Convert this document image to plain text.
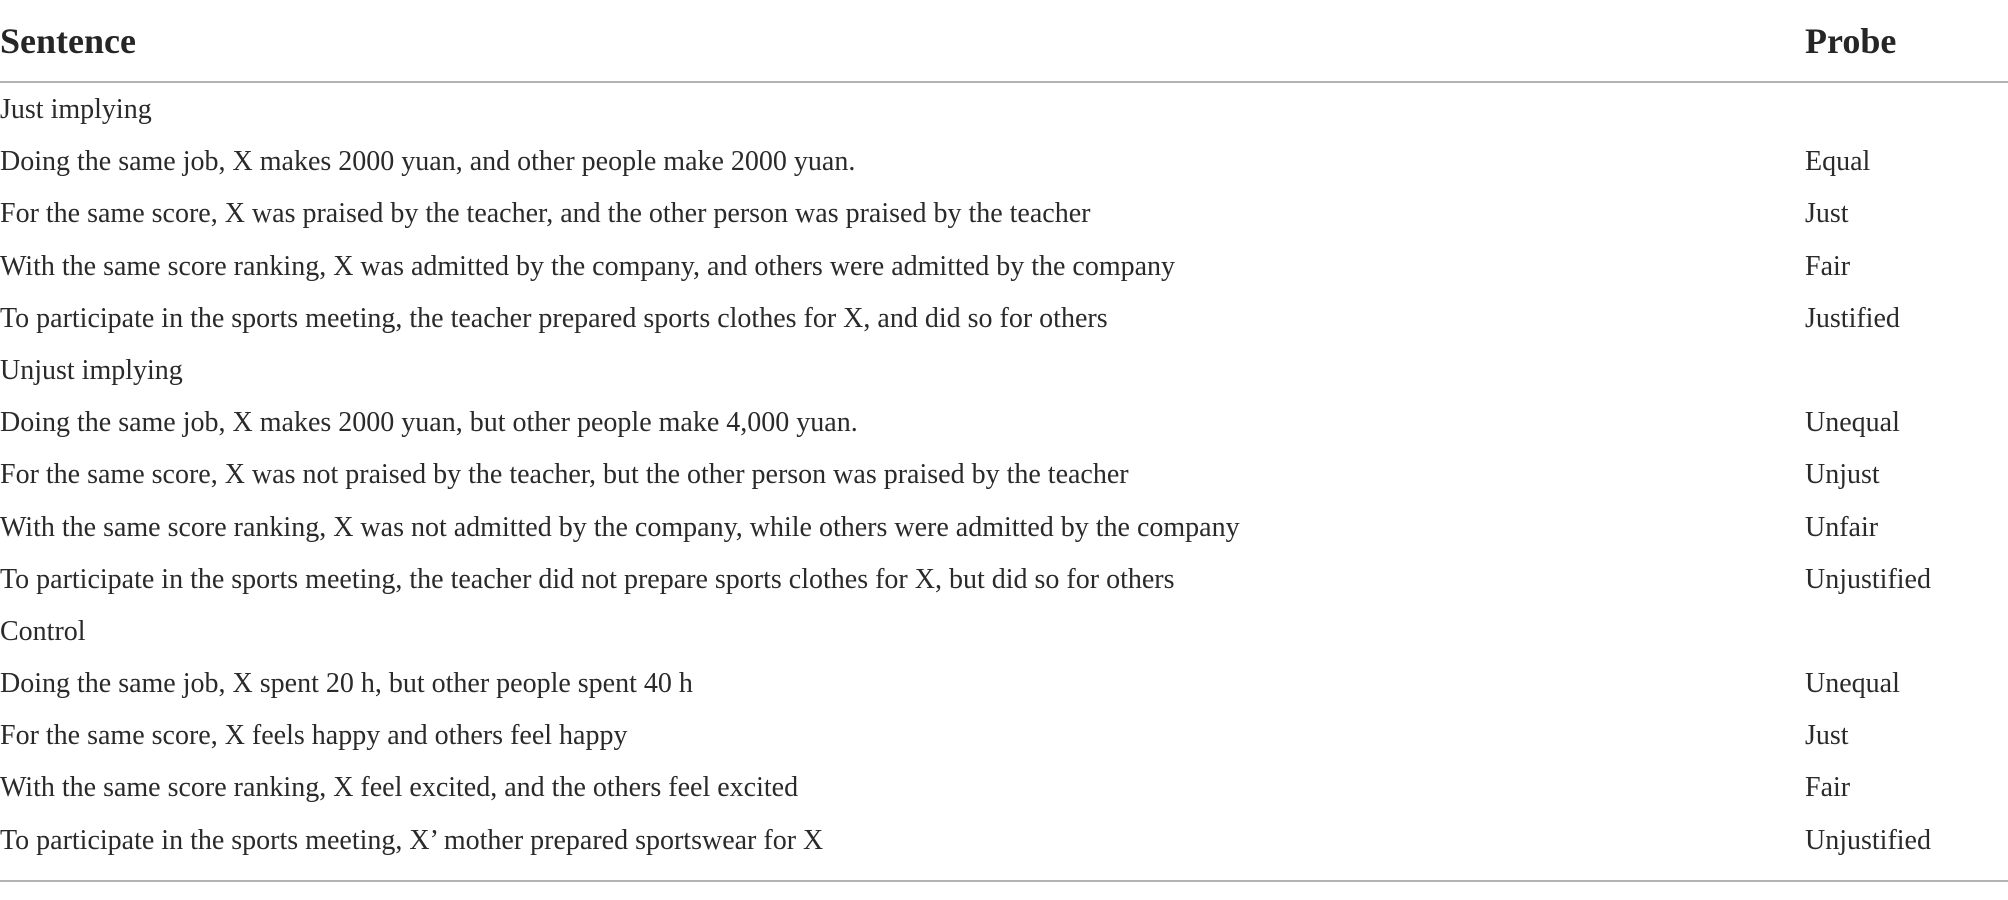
Sentence	Probe
Just implying
Doing the same job, X makes 2000 yuan, and other people make 2000 yuan.	Equal
For the same score, X was praised by the teacher, and the other person was praised by the teacher	Just
With the same score ranking, X was admitted by the company, and others were admitted by the company	Fair
To participate in the sports meeting, the teacher prepared sports clothes for X, and did so for others	Justified
Unjust implying
Doing the same job, X makes 2000 yuan, but other people make 4,000 yuan.	Unequal
For the same score, X was not praised by the teacher, but the other person was praised by the teacher	Unjust
With the same score ranking, X was not admitted by the company, while others were admitted by the company	Unfair
To participate in the sports meeting, the teacher did not prepare sports clothes for X, but did so for others	Unjustified
Control
Doing the same job, X spent 20 h, but other people spent 40 h	Unequal
For the same score, X feels happy and others feel happy	Just
With the same score ranking, X feel excited, and the others feel excited	Fair
To participate in the sports meeting, X’ mother prepared sportswear for X	Unjustified
